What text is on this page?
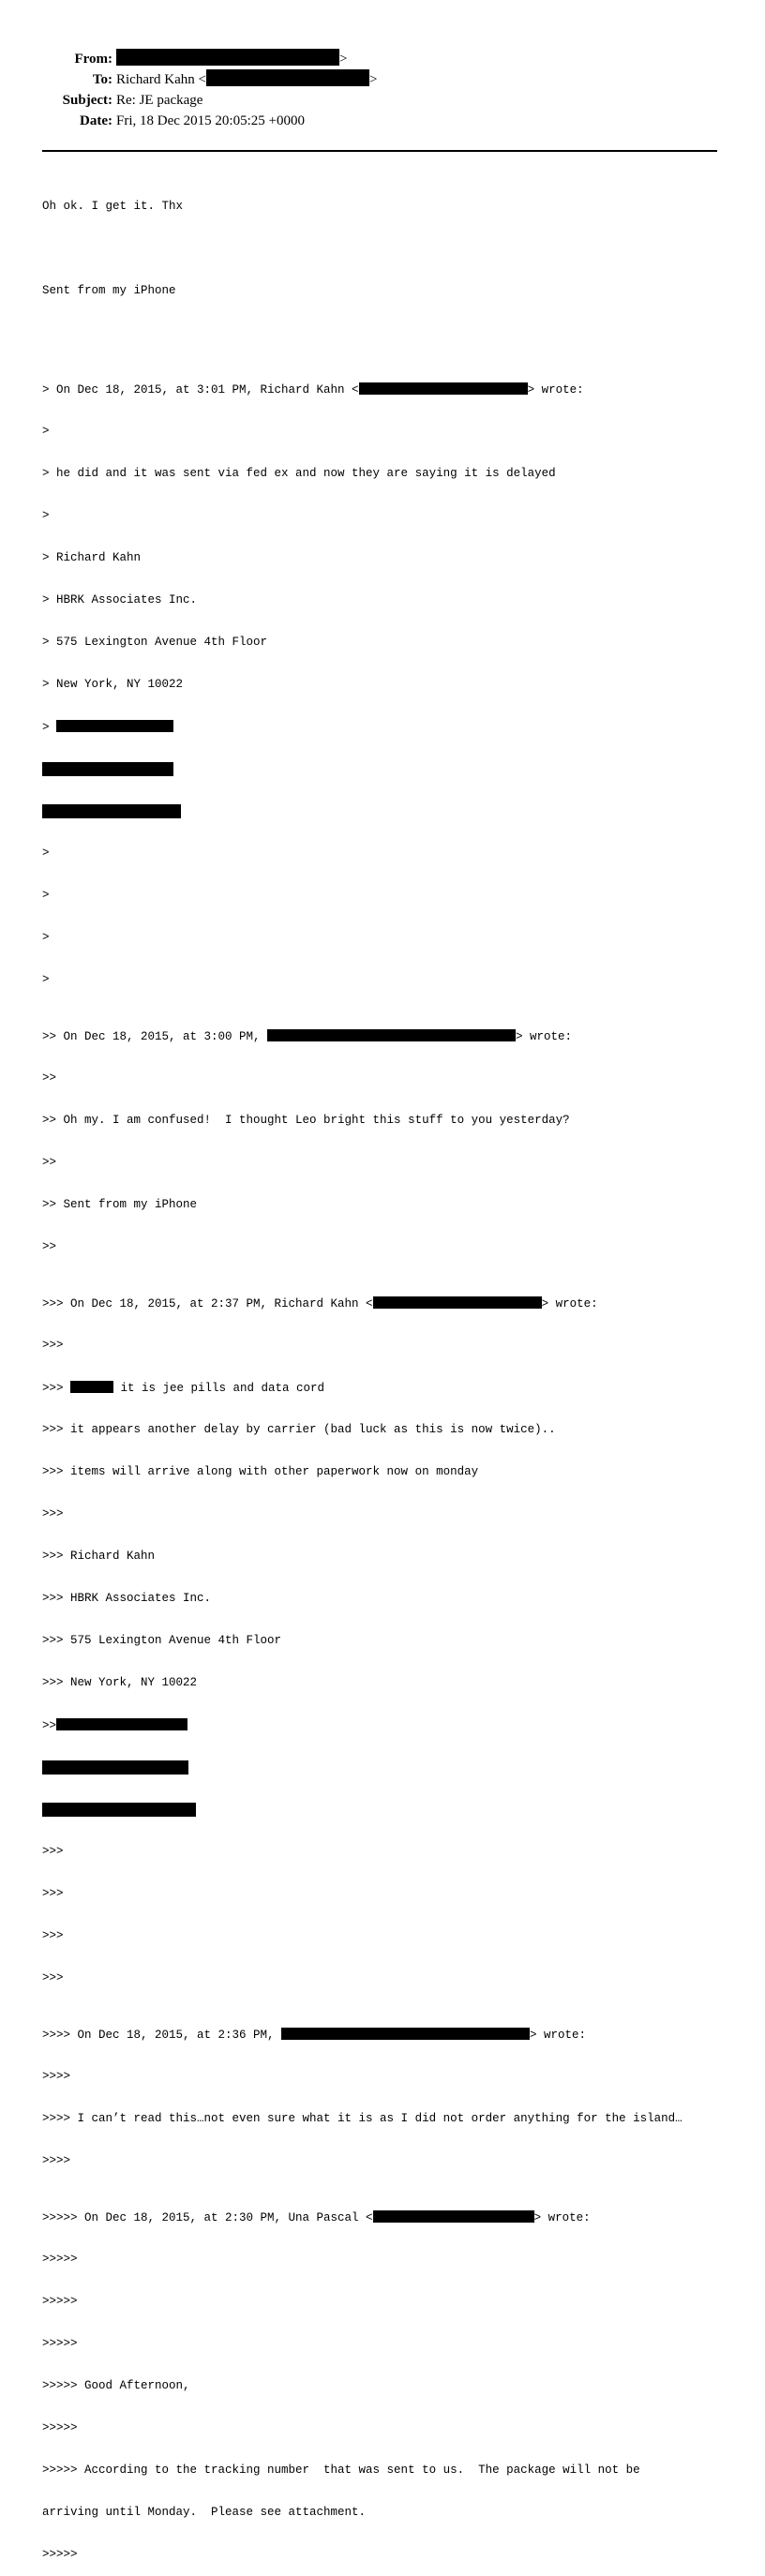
From:	>
To: Richard Kahn <	>
Subject: Re: JE package
Date: Fri, 18 Dec 2015 20:05:25 +0000

Oh ok. I get it. Thx

Sent from my iPhone

> On Dec 18, 2015, at 3:01 PM, Richard Kahn <	> wrote:

>

> he did and it was sent via fed ex and now they are saying it is delayed

>

> Richard Kahn

> HBRK Associates Inc.

> 575 Lexington Avenue 4th Floor

> New York, NY 10022

>

>

>

>

>

>> On Dec 18, 2015, at 3:00 PM,	> wrote:

>>

>> Oh my. I am confused!  I thought Leo bright this stuff to you yesterday?

>>

>> Sent from my iPhone

>>

>>> On Dec 18, 2015, at 2:37 PM, Richard Kahn <	> wrote:

>>>

>>>	it is jee pills and data cord

>>> it appears another delay by carrier (bad luck as this is now twice)..

>>> items will arrive along with other paperwork now on monday

>>>

>>> Richard Kahn

>>> HBRK Associates Inc.

>>> 575 Lexington Avenue 4th Floor

>>> New York, NY 10022

>>

>>>

>>>

>>>

>>>

>>>> On Dec 18, 2015, at 2:36 PM,	> wrote:

>>>>

>>>> I can’t read this…not even sure what it is as I did not order anything for the island…

>>>>

>>>>> On Dec 18, 2015, at 2:30 PM, Una Pascal <	> wrote:

>>>>>

>>>>>

>>>>>

>>>>> Good Afternoon,

>>>>>

>>>>> According to the tracking number  that was sent to us.  The package will not be

arriving until Monday.  Please see attachment.

>>>>>
